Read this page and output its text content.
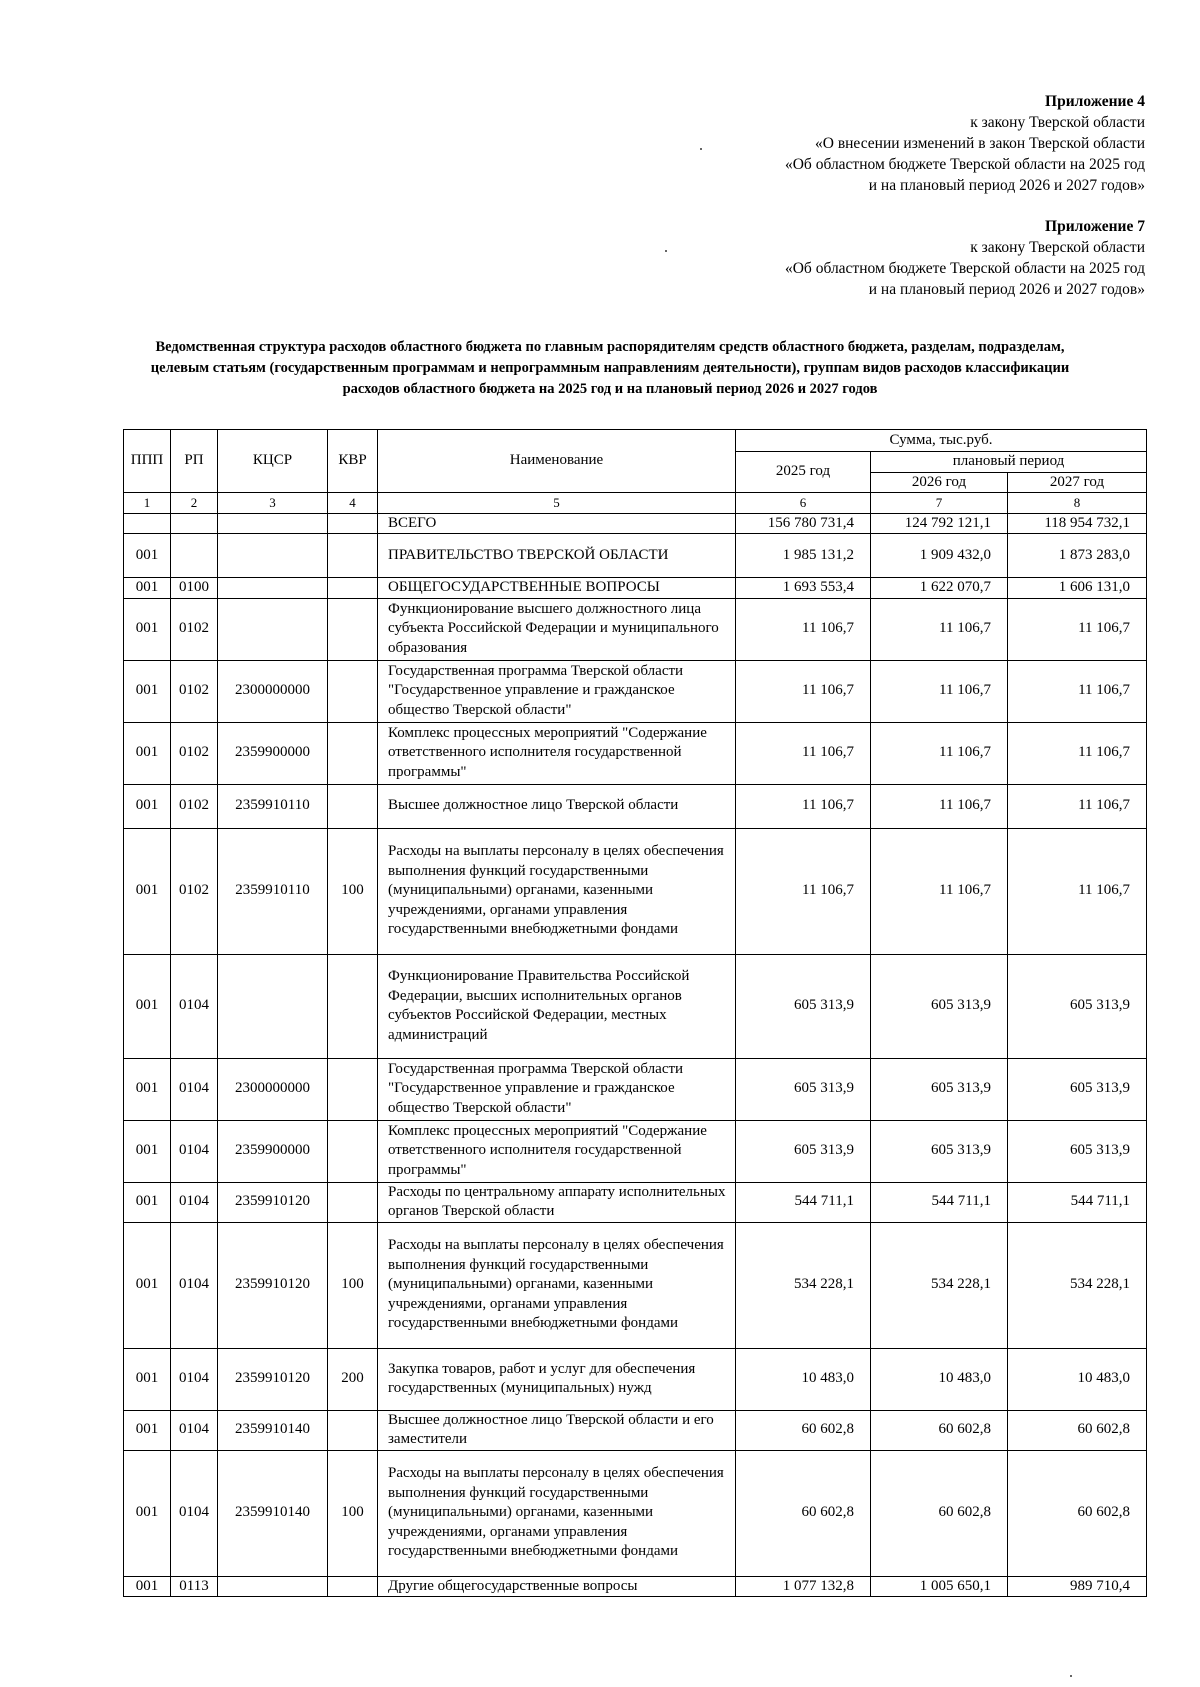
Приложение 4
к закону Тверской области
«О внесении изменений в закон Тверской области
«Об областном бюджете Тверской области на 2025 год
и на плановый период 2026 и 2027 годов»
Приложение 7
к закону Тверской области
«Об областном бюджете Тверской области на 2025 год
и на плановый период 2026 и 2027 годов»
Ведомственная структура расходов областного бюджета по главным распорядителям средств областного бюджета, разделам, подразделам, целевым статьям (государственным программам и непрограммным направлениям деятельности), группам видов расходов классификации расходов областного бюджета на 2025 год и на плановый период 2026 и 2027 годов
ППП	РП	КЦСР	КВР	Наименование	Сумма, тыс.руб.		
					2025 год	плановый период	
						2026 год	2027 год
1	2	3	4	5	6	7	8
				ВСЕГО	156 780 731,4	124 792 121,1	118 954 732,1
001				ПРАВИТЕЛЬСТВО ТВЕРСКОЙ ОБЛАСТИ	1 985 131,2	1 909 432,0	1 873 283,0
001	0100			ОБЩЕГОСУДАРСТВЕННЫЕ ВОПРОСЫ	1 693 553,4	1 622 070,7	1 606 131,0
001	0102			Функционирование высшего должностного лица субъекта Российской Федерации и муниципального образования	11 106,7	11 106,7	11 106,7
001	0102	2300000000		Государственная программа Тверской области "Государственное управление и гражданское общество Тверской области"	11 106,7	11 106,7	11 106,7
001	0102	2359900000		Комплекс процессных мероприятий "Содержание ответственного исполнителя государственной программы"	11 106,7	11 106,7	11 106,7
001	0102	2359910110		Высшее должностное лицо Тверской области	11 106,7	11 106,7	11 106,7
001	0102	2359910110	100	Расходы на выплаты персоналу в целях обеспечения выполнения функций государственными (муниципальными) органами, казенными учреждениями, органами управления государственными внебюджетными фондами	11 106,7	11 106,7	11 106,7
001	0104			Функционирование Правительства Российской Федерации, высших исполнительных органов субъектов Российской Федерации, местных администраций	605 313,9	605 313,9	605 313,9
001	0104	2300000000		Государственная программа Тверской области "Государственное управление и гражданское общество Тверской области"	605 313,9	605 313,9	605 313,9
001	0104	2359900000		Комплекс процессных мероприятий "Содержание ответственного исполнителя государственной программы"	605 313,9	605 313,9	605 313,9
001	0104	2359910120		Расходы по центральному аппарату исполнительных органов Тверской области	544 711,1	544 711,1	544 711,1
001	0104	2359910120	100	Расходы на выплаты персоналу в целях обеспечения выполнения функций государственными (муниципальными) органами, казенными учреждениями, органами управления государственными внебюджетными фондами	534 228,1	534 228,1	534 228,1
001	0104	2359910120	200	Закупка товаров, работ и услуг для обеспечения государственных (муниципальных) нужд	10 483,0	10 483,0	10 483,0
001	0104	2359910140		Высшее должностное лицо Тверской области и его заместители	60 602,8	60 602,8	60 602,8
001	0104	2359910140	100	Расходы на выплаты персоналу в целях обеспечения выполнения функций государственными (муниципальными) органами, казенными учреждениями, органами управления государственными внебюджетными фондами	60 602,8	60 602,8	60 602,8
001	0113			Другие общегосударственные вопросы	1 077 132,8	1 005 650,1	989 710,4
